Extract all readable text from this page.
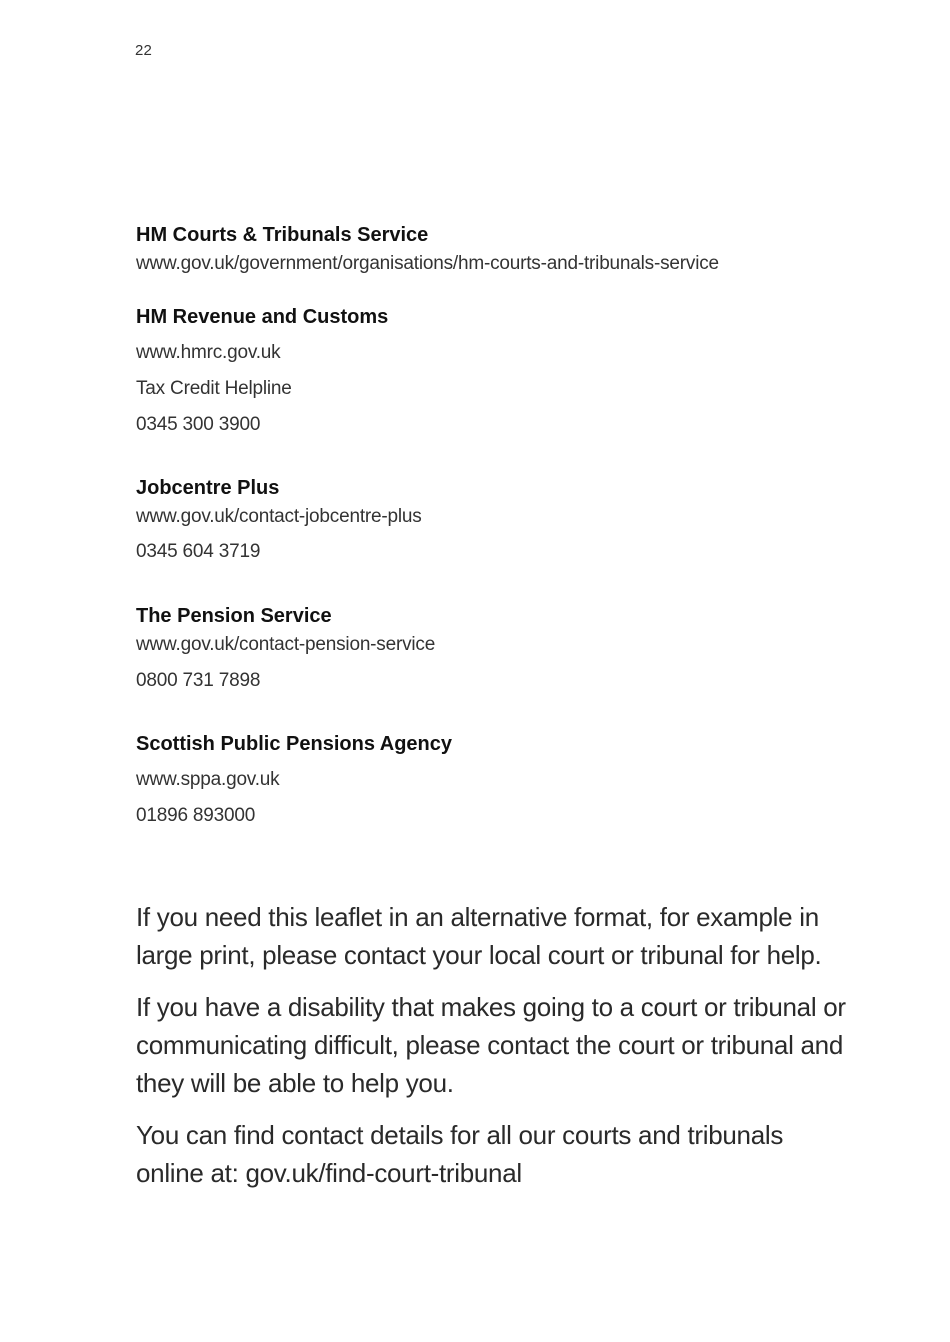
22

HM Courts & Tribunals Service

www.gov.uk/government/organisations/hm-courts-and-tribunals-service

HM Revenue and Customs

www.hmrc.gov.uk

Tax Credit Helpline

0345 300 3900

Jobcentre Plus

www.gov.uk/contact-jobcentre-plus

0345 604 3719

The Pension Service

www.gov.uk/contact-pension-service

0800 731 7898

Scottish Public Pensions Agency

www.sppa.gov.uk

01896 893000

If you need this leaflet in an alternative format, for example in large print, please contact your local court or tribunal for help.

If you have a disability that makes going to a court or tribunal or communicating difficult, please contact the court or tribunal and they will be able to help you.

You can find contact details for all our courts and tribunals online at: gov.uk/find-court-tribunal
